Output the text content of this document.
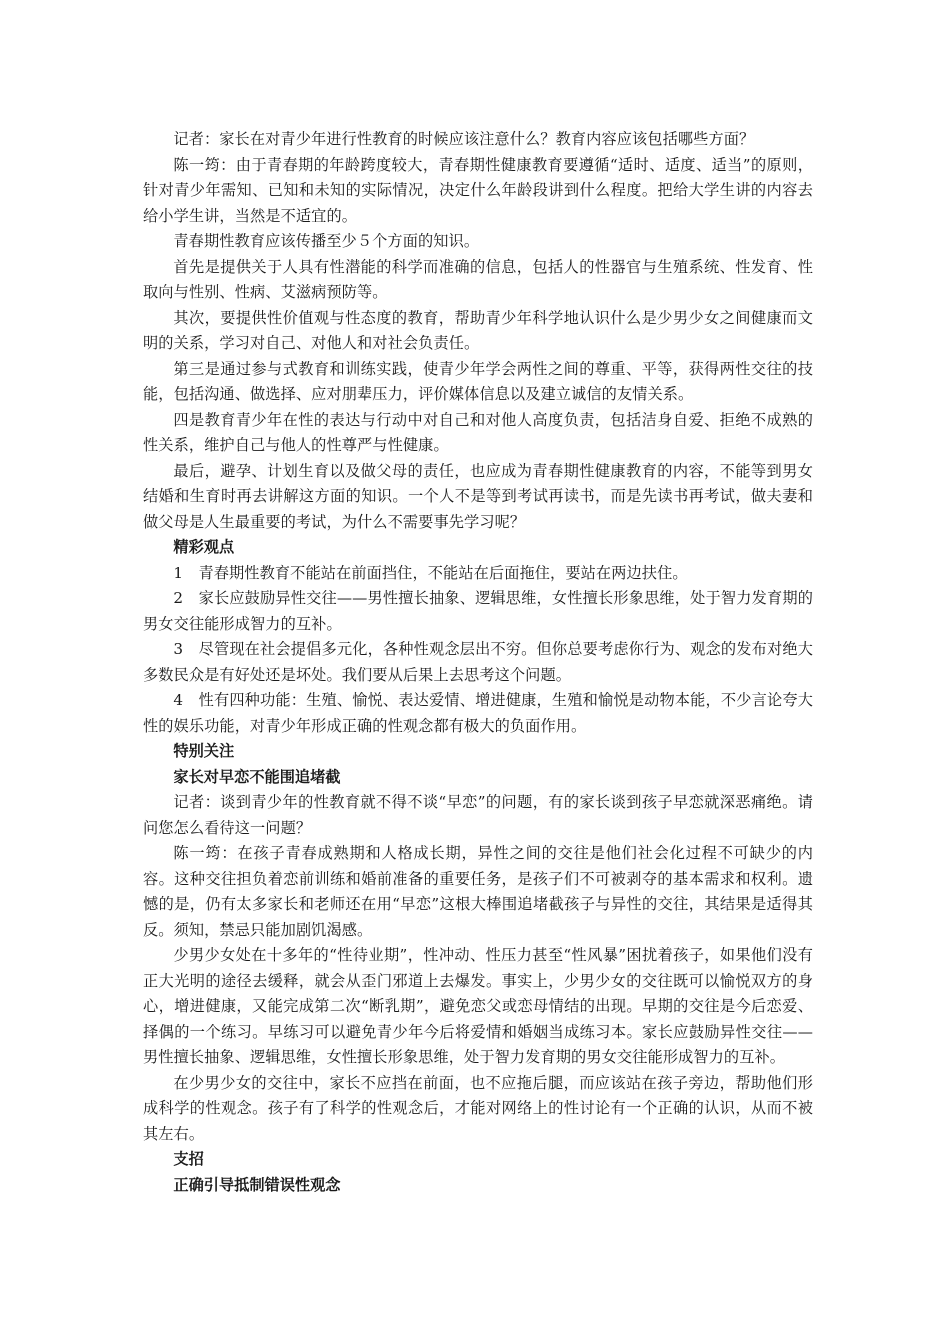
记者：家长在对青少年进行性教育的时候应该注意什么？教育内容应该包括哪些方面？

陈一筠：由于青春期的年龄跨度较大，青春期性健康教育要遵循“适时、适度、适当”的原则，针对青少年需知、已知和未知的实际情况，决定什么年龄段讲到什么程度。把给大学生讲的内容去给小学生讲，当然是不适宜的。

青春期性教育应该传播至少５个方面的知识。

首先是提供关于人具有性潜能的科学而准确的信息，包括人的性器官与生殖系统、性发育、性取向与性别、性病、艾滋病预防等。

其次，要提供性价值观与性态度的教育，帮助青少年科学地认识什么是少男少女之间健康而文明的关系，学习对自己、对他人和对社会负责任。

第三是通过参与式教育和训练实践，使青少年学会两性之间的尊重、平等，获得两性交往的技能，包括沟通、做选择、应对朋辈压力，评价媒体信息以及建立诚信的友情关系。

四是教育青少年在性的表达与行动中对自己和对他人高度负责，包括洁身自爱、拒绝不成熟的性关系，维护自己与他人的性尊严与性健康。

最后，避孕、计划生育以及做父母的责任，也应成为青春期性健康教育的内容，不能等到男女结婚和生育时再去讲解这方面的知识。一个人不是等到考试再读书，而是先读书再考试，做夫妻和做父母是人生最重要的考试，为什么不需要事先学习呢？

精彩观点

1　青春期性教育不能站在前面挡住，不能站在后面拖住，要站在两边扶住。

2　家长应鼓励异性交往——男性擅长抽象、逻辑思维，女性擅长形象思维，处于智力发育期的男女交往能形成智力的互补。

3　尽管现在社会提倡多元化，各种性观念层出不穷。但你总要考虑你行为、观念的发布对绝大多数民众是有好处还是坏处。我们要从后果上去思考这个问题。

4　性有四种功能：生殖、愉悦、表达爱情、增进健康，生殖和愉悦是动物本能，不少言论夸大性的娱乐功能，对青少年形成正确的性观念都有极大的负面作用。

特别关注

家长对早恋不能围追堵截

记者：谈到青少年的性教育就不得不谈“早恋”的问题，有的家长谈到孩子早恋就深恶痛绝。请问您怎么看待这一问题？

陈一筠：在孩子青春成熟期和人格成长期，异性之间的交往是他们社会化过程不可缺少的内容。这种交往担负着恋前训练和婚前准备的重要任务，是孩子们不可被剥夺的基本需求和权利。遗憾的是，仍有太多家长和老师还在用“早恋”这根大棒围追堵截孩子与异性的交往，其结果是适得其反。须知，禁忌只能加剧饥渴感。

少男少女处在十多年的“性待业期”，性冲动、性压力甚至“性风暴”困扰着孩子，如果他们没有正大光明的途径去缓释，就会从歪门邪道上去爆发。事实上，少男少女的交往既可以愉悦双方的身心，增进健康，又能完成第二次“断乳期”，避免恋父或恋母情结的出现。早期的交往是今后恋爱、择偶的一个练习。早练习可以避免青少年今后将爱情和婚姻当成练习本。家长应鼓励异性交往——男性擅长抽象、逻辑思维，女性擅长形象思维，处于智力发育期的男女交往能形成智力的互补。

在少男少女的交往中，家长不应挡在前面，也不应拖后腿，而应该站在孩子旁边，帮助他们形成科学的性观念。孩子有了科学的性观念后，才能对网络上的性讨论有一个正确的认识，从而不被其左右。

支招

正确引导抵制错误性观念
